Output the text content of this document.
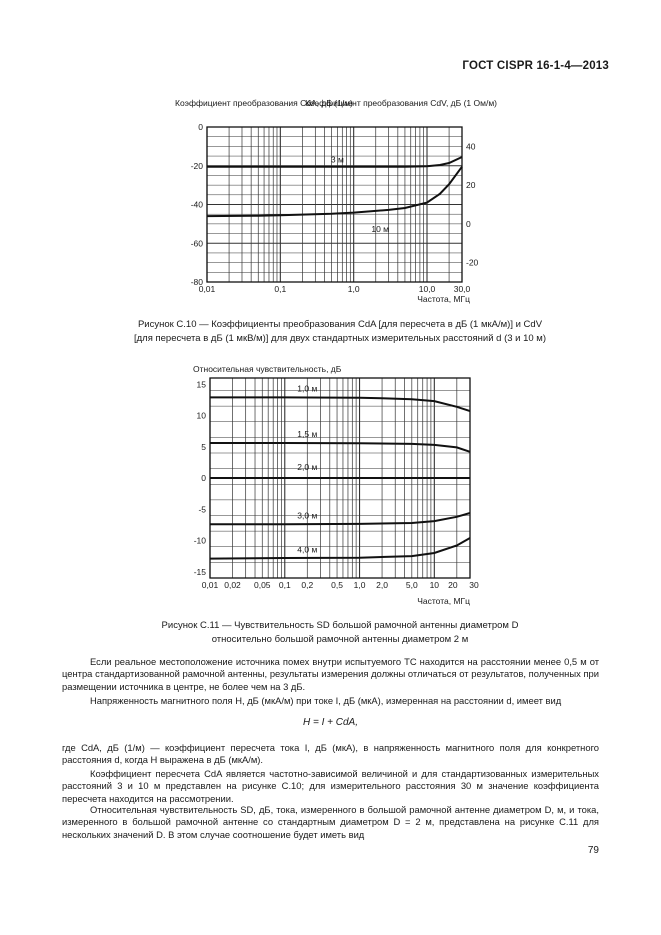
ГОСТ CISPR 16-1-4—2013
Коэффициент преобразования CdA, дБ (1/м)
Коэффициент преобразования CdV, дБ (1 Ом/м)
0,01	0,1	1,0	10,0 30,0
0
-20
-40
-60
-80
40
20
0
-20
3 м
10 м
Частота, МГц
Рисунок C.10 — Коэффициенты преобразования CdA [для пересчета в дБ (1 мкА/м)] и CdV
[для пересчета в дБ (1 мкВ/м)] для двух стандартных измерительных расстояний d (3 и 10 м)
Относительная чувствительность, дБ
0,01 0,02 0,05 0,1 0,2 0,5 1,0 2,0 5,0 10 20 30
15
10
5
0
-5
-10
-15
1,0 м
1,5 м
2,0 м
3,0 м
4,0 м
Частота, МГц
Рисунок C.11 — Чувствительность SD большой рамочной антенны диаметром D
относительно большой рамочной антенны диаметром 2 м
Если реальное местоположение источника помех внутри испытуемого ТС находится на расстоянии менее 0,5 м от центра стандартизованной рамочной антенны, результаты измерения должны отличаться от результатов, полученных при размещении источника в центре, не более чем на 3 дБ.
Напряженность магнитного поля H, дБ (мкА/м) при токе I, дБ (мкА), измеренная на расстоянии d, имеет вид
H = I + CdA,
где CdA, дБ (1/м) — коэффициент пересчета тока I, дБ (мкА), в напряженность магнитного поля для конкретного расстояния d, когда H выражена в дБ (мкА/м).
Коэффициент пересчета CdA является частотно-зависимой величиной и для стандартизованных измерительных расстояний 3 и 10 м представлен на рисунке C.10; для измерительного расстояния 30 м значение коэффициента пересчета находится на рассмотрении.
Относительная чувствительность SD, дБ, тока, измеренного в большой рамочной антенне диаметром D, м, и тока, измеренного в большой рамочной антенне со стандартным диаметром D = 2 м, представлена на рисунке C.11 для нескольких значений D. В этом случае соотношение будет иметь вид
79
